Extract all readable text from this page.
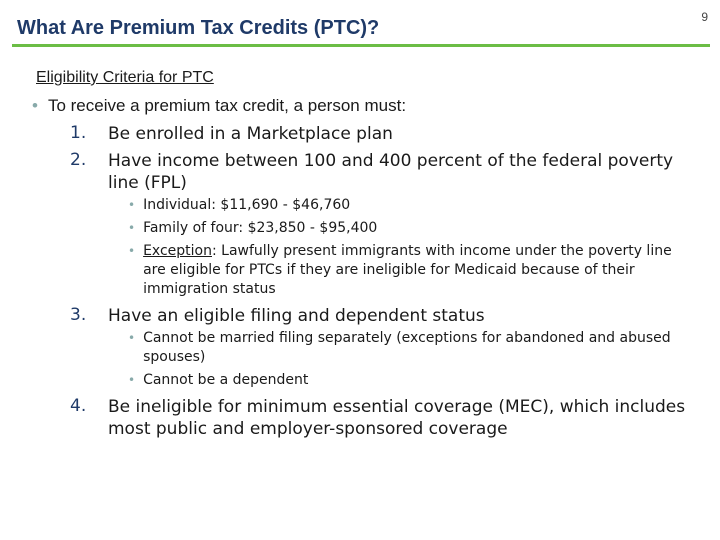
What Are Premium Tax Credits (PTC)?	9
Eligibility Criteria for PTC
• To receive a premium tax credit, a person must:
1. Be enrolled in a Marketplace plan
2. Have income between 100 and 400 percent of the federal poverty line (FPL)
• Individual: $11,690 - $46,760
• Family of four: $23,850 - $95,400
• Exception: Lawfully present immigrants with income under the poverty line are eligible for PTCs if they are ineligible for Medicaid because of their immigration status
3. Have an eligible filing and dependent status
• Cannot be married filing separately (exceptions for abandoned and abused spouses)
• Cannot be a dependent
4. Be ineligible for minimum essential coverage (MEC), which includes most public and employer-sponsored coverage
